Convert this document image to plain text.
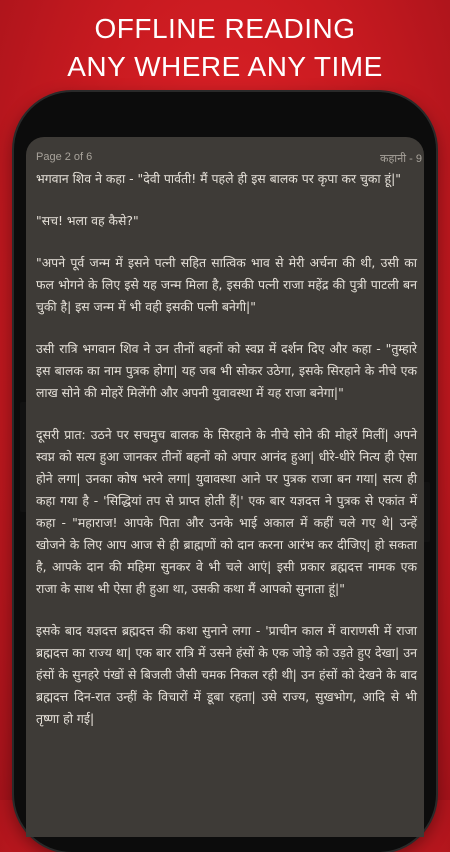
OFFLINE READING
ANY WHERE ANY TIME
Page 2 of 6	कहानी - 9

भगवान शिव ने कहा - "देवी पार्वती! मैं पहले ही इस बालक पर कृपा कर चुका हूं|"

"सच! भला वह कैसे?"

"अपने पूर्व जन्म में इसने पत्नी सहित सात्विक भाव से मेरी अर्चना की थी, उसी का फल भोगने के लिए इसे यह जन्म मिला है, इसकी पत्नी राजा महेंद्र की पुत्री पाटली बन चुकी है| इस जन्म में भी वही इसकी पत्नी बनेगी|"

उसी रात्रि भगवान शिव ने उन तीनों बहनों को स्वप्न में दर्शन दिए और कहा - "तुम्हारे इस बालक का नाम पुत्रक होगा| यह जब भी सोकर उठेगा, इसके सिरहाने के नीचे एक लाख सोने की मोहरें मिलेंगी और अपनी युवावस्था में यह राजा बनेगा|"

दूसरी प्रात: उठने पर सचमुच बालक के सिरहाने के नीचे सोने की मोहरें मिलीं| अपने स्वप्न को सत्य हुआ जानकर तीनों बहनों को अपार आनंद हुआ| धीरे-धीरे नित्य ही ऐसा होने लगा| उनका कोष भरने लगा| युवावस्था आने पर पुत्रक राजा बन गया| सत्य ही कहा गया है - 'सिद्धियां तप से प्राप्त होती हैं|' एक बार यज्ञदत्त ने पुत्रक से एकांत में कहा - "महाराज! आपके पिता और उनके भाई अकाल में कहीं चले गए थे| उन्हें खोजने के लिए आप आज से ही ब्राह्मणों को दान करना आरंभ कर दीजिए| हो सकता है, आपके दान की महिमा सुनकर वे भी चले आएं| इसी प्रकार ब्रह्मदत्त नामक एक राजा के साथ भी ऐसा ही हुआ था, उसकी कथा मैं आपको सुनाता हूं|"

इसके बाद यज्ञदत्त ब्रह्मदत्त की कथा सुनाने लगा - 'प्राचीन काल में वाराणसी में राजा ब्रह्मदत्त का राज्य था| एक बार रात्रि में उसने हंसों के एक जोड़े को उड़ते हुए देखा| उन हंसों के सुनहरे पंखों से बिजली जैसी चमक निकल रही थी| उन हंसों को देखने के बाद ब्रह्मदत्त दिन-रात उन्हीं के विचारों में डूबा रहता| उसे राज्य, सुखभोग, आदि से भी तृष्णा हो गई|
